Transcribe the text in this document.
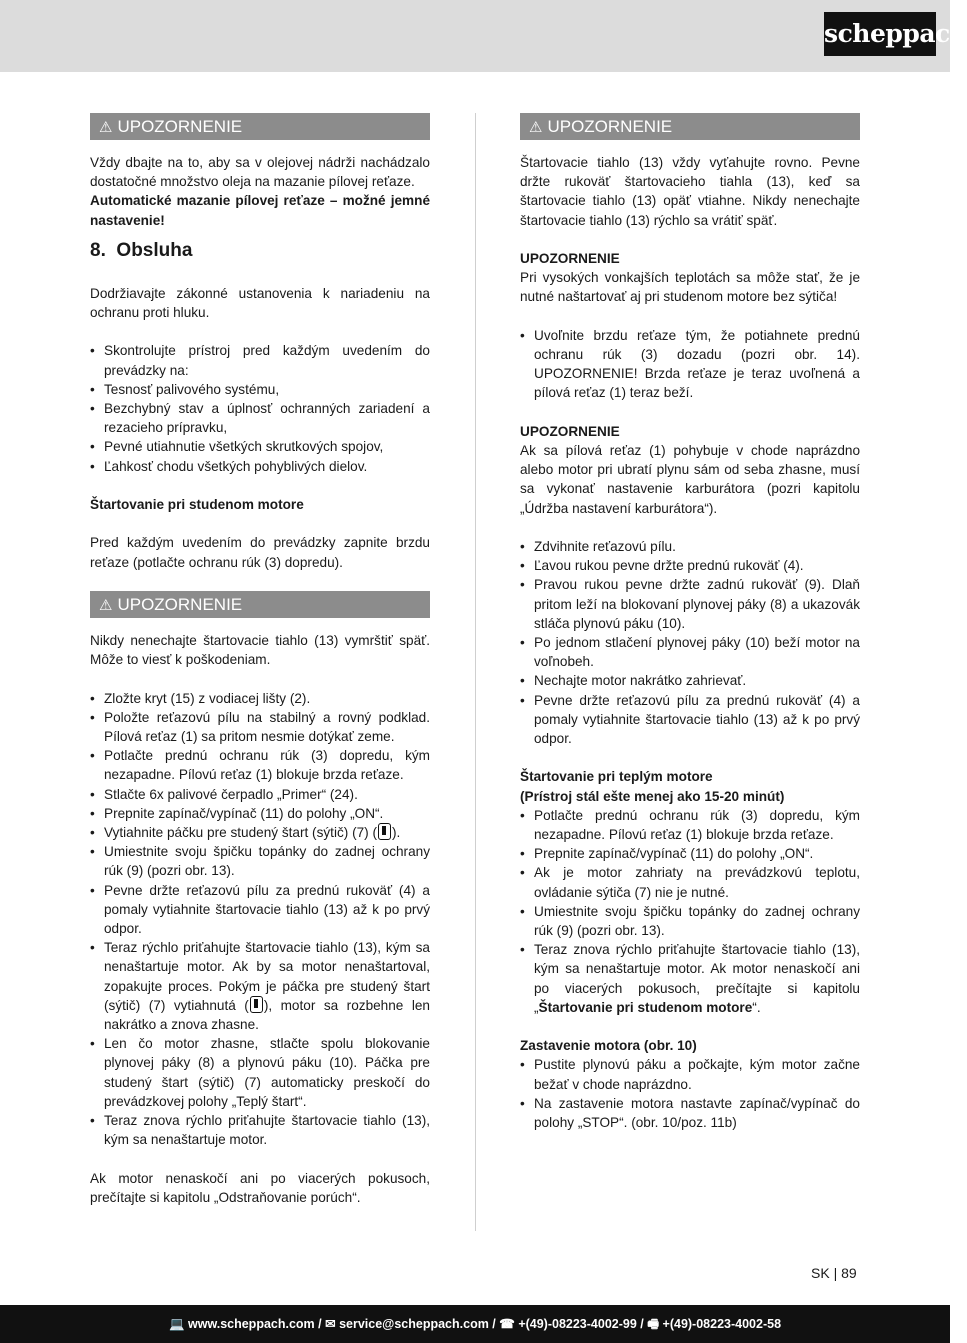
scheppach
⚠ UPOZORNENIE

Vždy dbajte na to, aby sa v olejovej nádrži nachádzalo dostatočné množstvo oleja na mazanie pílovej reťaze.

Automatické mazanie pílovej reťaze – možné jemné nastavenie!

8. Obsluha

Dodržiavajte zákonné ustanovenia k nariadeniu na ochranu proti hluku.

• Skontrolujte prístroj pred každým uvedením do prevádzky na:
• Tesnosť palivového systému,
• Bezchybný stav a úplnosť ochranných zariadení a rezacieho prípravku,
• Pevné utiahnutie všetkých skrutkových spojov,
• Ľahkosť chodu všetkých pohyblivých dielov.

Štartovanie pri studenom motore

Pred každým uvedením do prevádzky zapnite brzdu reťaze (potlačte ochranu rúk (3) dopredu).

⚠ UPOZORNENIE

Nikdy nenechajte štartovacie tiahlo (13) vymrštiť späť. Môže to viesť k poškodeniam.

• Zložte kryt (15) z vodiacej lišty (2).
• Položte reťazovú pílu na stabilný a rovný podklad. Pílová reťaz (1) sa pritom nesmie dotýkať zeme.
• Potlačte prednú ochranu rúk (3) dopredu, kým nezapadne. Pílovú reťaz (1) blokuje brzda reťaze.
• Stlačte 6x palivové čerpadlo „Primer“ (24).
• Prepnite zapínač/vypínač (11) do polohy „ON“.
• Vytiahnite páčku pre studený štart (sýtič) (7) ( ).
• Umiestnite svoju špičku topánky do zadnej ochrany rúk (9) (pozri obr. 13).
• Pevne držte reťazovú pílu za prednú rukoväť (4) a pomaly vytiahnite štartovacie tiahlo (13) až k po prvý odpor.
• Teraz rýchlo priťahujte štartovacie tiahlo (13), kým sa nenaštartuje motor. Ak by sa motor nenaštartoval, zopakujte proces. Pokým je páčka pre studený štart (sýtič) (7) vytiahnutá ( ), motor sa rozbehne len nakrátko a znova zhasne.
• Len čo motor zhasne, stlačte spolu blokovanie plynovej páky (8) a plynovú páku (10). Páčka pre studený štart (sýtič) (7) automaticky preskočí do prevádzkovej polohy „Teplý štart“.
• Teraz znova rýchlo priťahujte štartovacie tiahlo (13), kým sa nenaštartuje motor.

Ak motor nenaskočí ani po viacerých pokusoch, prečítajte si kapitolu „Odstraňovanie porúch“.

⚠ UPOZORNENIE

Štartovacie tiahlo (13) vždy vyťahujte rovno. Pevne držte rukoväť štartovacieho tiahla (13), keď sa štartovacie tiahlo (13) opäť vtiahne. Nikdy nenechajte štartovacie tiahlo (13) rýchlo sa vrátiť späť.

UPOZORNENIE

Pri vysokých vonkajších teplotách sa môže stať, že je nutné naštartovať aj pri studenom motore bez sýtiča!

• Uvoľnite brzdu reťaze tým, že potiahnete prednú ochranu rúk (3) dozadu (pozri obr. 14). UPOZORNENIE! Brzda reťaze je teraz uvoľnená a pílová reťaz (1) teraz beží.

UPOZORNENIE

Ak sa pílová reťaz (1) pohybuje v chode naprázdno alebo motor pri ubratí plynu sám od seba zhasne, musí sa vykonať nastavenie karburátora (pozri kapitolu „Údržba nastavení karburátora“).

• Zdvihnite reťazovú pílu.
• Ľavou rukou pevne držte prednú rukoväť (4).
• Pravou rukou pevne držte zadnú rukoväť (9). Dlaň pritom leží na blokovaní plynovej páky (8) a ukazovák stláča plynovú páku (10).
• Po jednom stlačení plynovej páky (10) beží motor na voľnobeh.
• Nechajte motor nakrátko zahrievať.
• Pevne držte reťazovú pílu za prednú rukoväť (4) a pomaly vytiahnite štartovacie tiahlo (13) až k po prvý odpor.

Štartovanie pri teplým motore

(Prístroj stál ešte menej ako 15-20 minút)

• Potlačte prednú ochranu rúk (3) dopredu, kým nezapadne. Pílovú reťaz (1) blokuje brzda reťaze.
• Prepnite zapínač/vypínač (11) do polohy „ON“.
• Ak je motor zahriaty na prevádzkovú teplotu, ovládanie sýtiča (7) nie je nutné.
• Umiestnite svoju špičku topánky do zadnej ochrany rúk (9) (pozri obr. 13).
• Teraz znova rýchlo priťahujte štartovacie tiahlo (13), kým sa nenaštartuje motor. Ak motor nenaskočí ani po viacerých pokusoch, prečítajte si kapitolu „Štartovanie pri studenom motore“.

Zastavenie motora (obr. 10)

• Pustite plynovú páku a počkajte, kým motor začne bežať v chode naprázdno.
• Na zastavenie motora nastavte zapínač/vypínač do polohy „STOP“. (obr. 10/poz. 11b)
SK | 89
💻 www.scheppach.com / ✉ service@scheppach.com / ☎ +(49)-08223-4002-99 / 🖷 +(49)-08223-4002-58
